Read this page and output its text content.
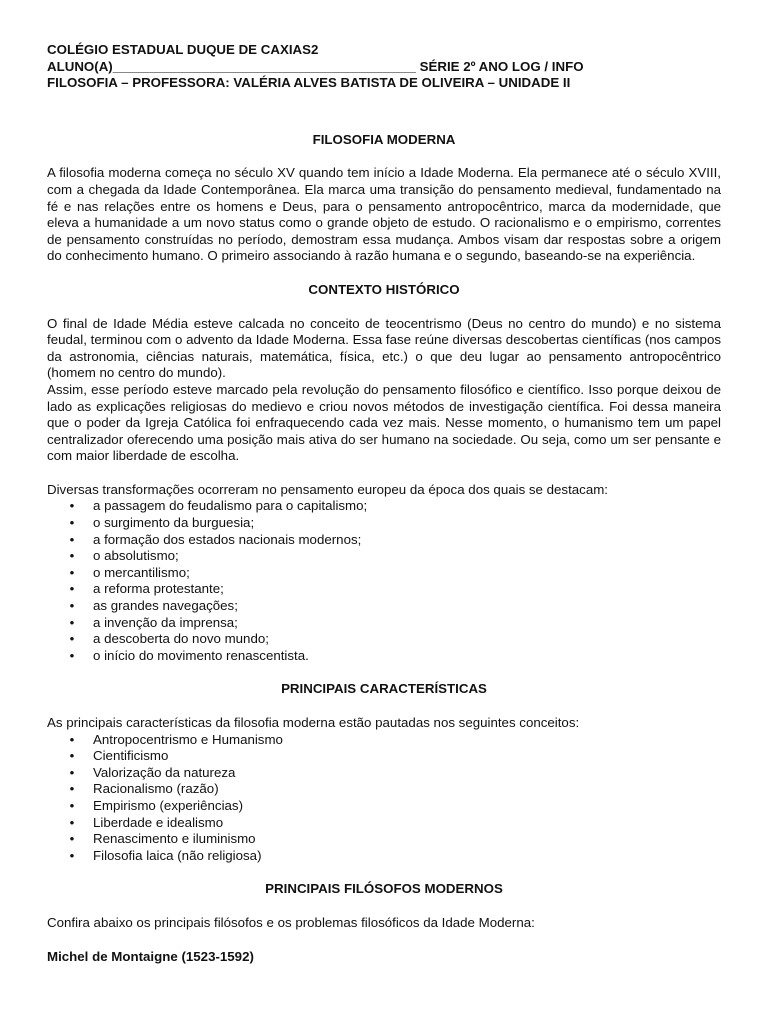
COLÉGIO ESTADUAL DUQUE DE CAXIAS2

ALUNO(A)_________________________________________ SÉRIE 2º ANO LOG / INFO

FILOSOFIA – PROFESSORA: VALÉRIA ALVES BATISTA DE OLIVEIRA – UNIDADE II

FILOSOFIA MODERNA

A filosofia moderna começa no século XV quando tem início a Idade Moderna. Ela permanece até o século XVIII, com a chegada da Idade Contemporânea. Ela marca uma transição do pensamento medieval, fundamentado na fé e nas relações entre os homens e Deus, para o pensamento antropocêntrico, marca da modernidade, que eleva a humanidade a um novo status como o grande objeto de estudo. O racionalismo e o empirismo, correntes de pensamento construídas no período, demostram essa mudança. Ambos visam dar respostas sobre a origem do conhecimento humano. O primeiro associando à razão humana e o segundo, baseando-se na experiência.

CONTEXTO HISTÓRICO

O final de Idade Média esteve calcada no conceito de teocentrismo (Deus no centro do mundo) e no sistema feudal, terminou com o advento da Idade Moderna. Essa fase reúne diversas descobertas científicas (nos campos da astronomia, ciências naturais, matemática, física, etc.) o que deu lugar ao pensamento antropocêntrico (homem no centro do mundo).

Assim, esse período esteve marcado pela revolução do pensamento filosófico e científico. Isso porque deixou de lado as explicações religiosas do medievo e criou novos métodos de investigação científica. Foi dessa maneira que o poder da Igreja Católica foi enfraquecendo cada vez mais. Nesse momento, o humanismo tem um papel centralizador oferecendo uma posição mais ativa do ser humano na sociedade. Ou seja, como um ser pensante e com maior liberdade de escolha.

Diversas transformações ocorreram no pensamento europeu da época dos quais se destacam:

• a passagem do feudalismo para o capitalismo;
• o surgimento da burguesia;
• a formação dos estados nacionais modernos;
• o absolutismo;
• o mercantilismo;
• a reforma protestante;
• as grandes navegações;
• a invenção da imprensa;
• a descoberta do novo mundo;
• o início do movimento renascentista.

PRINCIPAIS CARACTERÍSTICAS

As principais características da filosofia moderna estão pautadas nos seguintes conceitos:

• Antropocentrismo e Humanismo
• Cientificismo
• Valorização da natureza
• Racionalismo (razão)
• Empirismo (experiências)
• Liberdade e idealismo
• Renascimento e iluminismo
• Filosofia laica (não religiosa)

PRINCIPAIS FILÓSOFOS MODERNOS

Confira abaixo os principais filósofos e os problemas filosóficos da Idade Moderna:

Michel de Montaigne (1523-1592)
